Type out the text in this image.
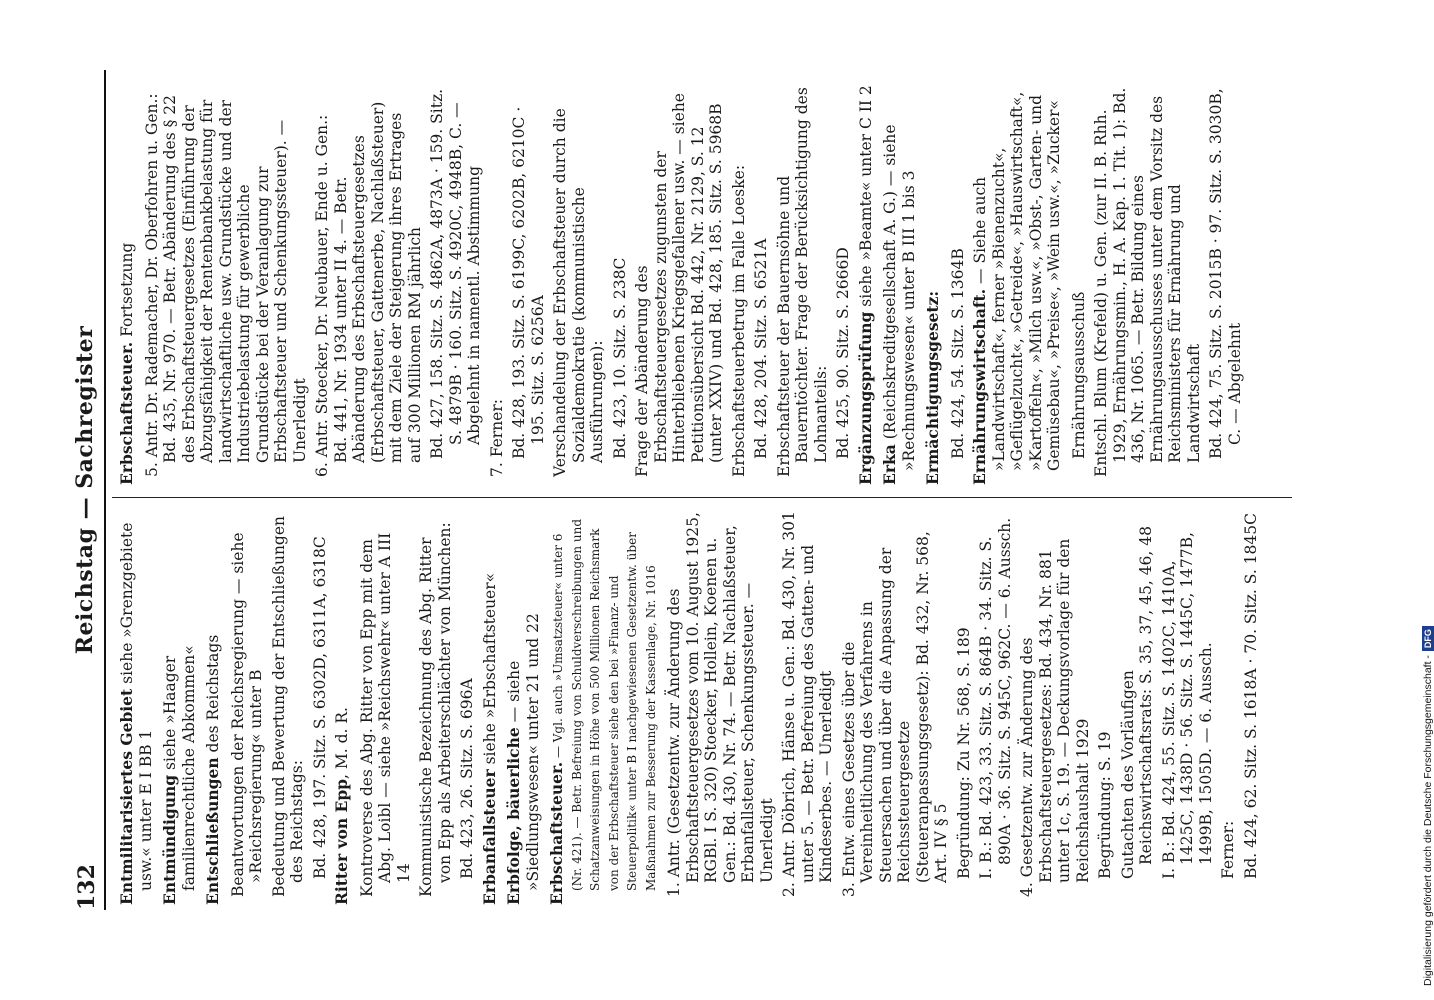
132
Reichstag — Sachregister
Entmilitarisiertes Gebiet siehe »Grenzgebiete usw.« unter E I BB 1 Entmündigung siehe »Haager familienrechtliche Abkommen« Entschließungen des Reichstags Beantwortungen der Reichsregierung — siehe »Reichsregierung« unter B Bedeutung und Bewertung der Entschließungen des Reichstags: Bd. 428, 197. Sitz. S. 6302D, 6311A, 6318C Ritter von Epp, M. d. R. Kontroverse des Abg. Ritter von Epp mit dem Abg. Loibl — siehe »Reichswehr« unter A III 14 Kommunistische Bezeichnung des Abg. Ritter von Epp als Arbeiterschlächter von München: Bd. 423, 26. Sitz. S. 696A Erbanfallsteuer siehe »Erbschaftsteuer«
Erbfolge, bäuerliche — siehe »Siedlungswesen« unter 21 und 22 Erbschaftsteuer. — Vgl. auch »Umsatzsteuer« unter 6 (Nr. 421). — Betr. Befreiung von Schuldverschreibungen und Schatzanweisungen in Höhe von 500 Millionen Reichsmark von der Erbschaftsteuer siehe den bei »Finanz- und Steuerpolitik« unter B I nachgewiesenen Gesetzentw. über Maßnahmen zur Besserung der Kassenlage, Nr. 1016 1. Antr. (Gesetzentw. zur Änderung des Erbschaftsteuergesetzes vom 10. August 1925, RGBl. I S. 320) Stoecker, Hollein, Koenen u. Gen.: Bd. 430, Nr. 74. — Betr. Nachlaßsteuer, Erbanfallsteuer, Schenkungssteuer. — Unerledigt 2. Antr. Döbrich, Hänse u. Gen.: Bd. 430, Nr. 301 unter 5. — Betr. Befreiung des Gatten- und Kindeserbes. — Unerledigt 3. Entw. eines Gesetzes über die Vereinheitlichung des Verfahrens in Steuersachen und über die Anpassung der Reichssteuergesetze (Steueranpassungsgesetz): Bd. 432, Nr. 568, Art. IV § 5 Begründung: Zu Nr. 568, S. 189 I. B.: Bd. 423, 33. Sitz. S. 864B · 34. Sitz. S. 890A · 36. Sitz. S. 945C, 962C. — 6. Aussch. 4. Gesetzentw. zur Änderung des Erbschaftsteuergesetzes: Bd. 434, Nr. 881 unter 1c, S. 19. — Deckungsvorlage für den Reichshaushalt 1929 Begründung: S. 19 Gutachten des Vorläufigen Reichswirtschaftsrats: S. 35, 37, 45, 46, 48 I. B.: Bd. 424, 55. Sitz. S. 1402C, 1410A, 1425C, 1438D · 56. Sitz. S. 1445C, 1477B, 1499B, 1505D. — 6. Aussch. Ferner: Bd. 424, 62. Sitz. S. 1618A · 70. Sitz. S. 1845C
Erbschaftsteuer. Fortsetzung 5. Antr. Dr. Rademacher, Dr. Oberfohren u. Gen.: Bd. 435, Nr. 970. — Betr. Abänderung des § 22 des Erbschaftsteuergesetzes (Einführung der Abzugsfähigkeit der Rentenbankbelastung für landwirtschaftliche usw. Grundstücke und der Industriebelastung für gewerbliche Grundstücke bei der Veranlagung zur Erbschaftsteuer und Schenkungssteuer). — Unerledigt 6. Antr. Stoecker, Dr. Neubauer, Ende u. Gen.: Bd. 441, Nr. 1934 unter II 4. — Betr. Abänderung des Erbschaftsteuergesetzes (Erbschaftsteuer, Gattenerbe, Nachlaßsteuer) mit dem Ziele der Steigerung ihres Ertrages auf 300 Millionen RM jährlich Bd. 427, 158. Sitz. S. 4862A, 4873A · 159. Sitz. S. 4879B · 160. Sitz. S. 4920C, 4948B, C. — Abgelehnt in namentl. Abstimmung 7. Ferner: Bd. 428, 193. Sitz. S. 6199C, 6202B, 6210C · 195. Sitz. S. 6256A Verschandelung der Erbschaftsteuer durch die Sozialdemokratie (kommunistische Ausführungen): Bd. 423, 10. Sitz. S. 238C Frage der Abänderung des Erbschaftsteuergesetzes zugunsten der Hinterbliebenen Kriegsgefallener usw. — siehe Petitionsübersicht Bd. 442, Nr. 2129, S. 12 (unter XXIV) und Bd. 428, 185. Sitz. S. 5968B Erbschaftsteuerbetrug im Falle Loeske: Bd. 428, 204. Sitz. S. 6521A Erbschaftsteuer der Bauernsöhne und Bauerntöchter. Frage der Berücksichtigung des Lohnanteils: Bd. 425, 90. Sitz. S. 2666D Ergänzungsprüfung siehe »Beamte« unter C II 2
Erka (Reichskreditgesellschaft A. G.) — siehe »Rechnungswesen« unter B III 1 bis 3 Ermächtigungsgesetz: Bd. 424, 54. Sitz. S. 1364B Ernährungswirtschaft. — Siehe auch »Landwirtschaft«, ferner »Bienenzucht«, »Geflügelzucht«, »Getreide«, »Hauswirtschaft«, »Kartoffeln«, »Milch usw.«, »Obst-, Garten- und Gemüsebau«, »Preise«, »Wein usw.«, »Zucker« Ernährungsausschuß Entschl. Blum (Krefeld) u. Gen. (zur II. B. Rhh. 1929, Ernährungsmin., H. A. Kap. 1. Tit. 1): Bd. 436, Nr. 1065. — Betr. Bildung eines Ernährungsausschusses unter dem Vorsitz des Reichsministers für Ernährung und Landwirtschaft Bd. 424, 75. Sitz. S. 2015B · 97. Sitz. S. 3030B, C. — Abgelehnt
Digitalisierung gefördert durch die Deutsche Forschungsgemeinschaft -DFG
